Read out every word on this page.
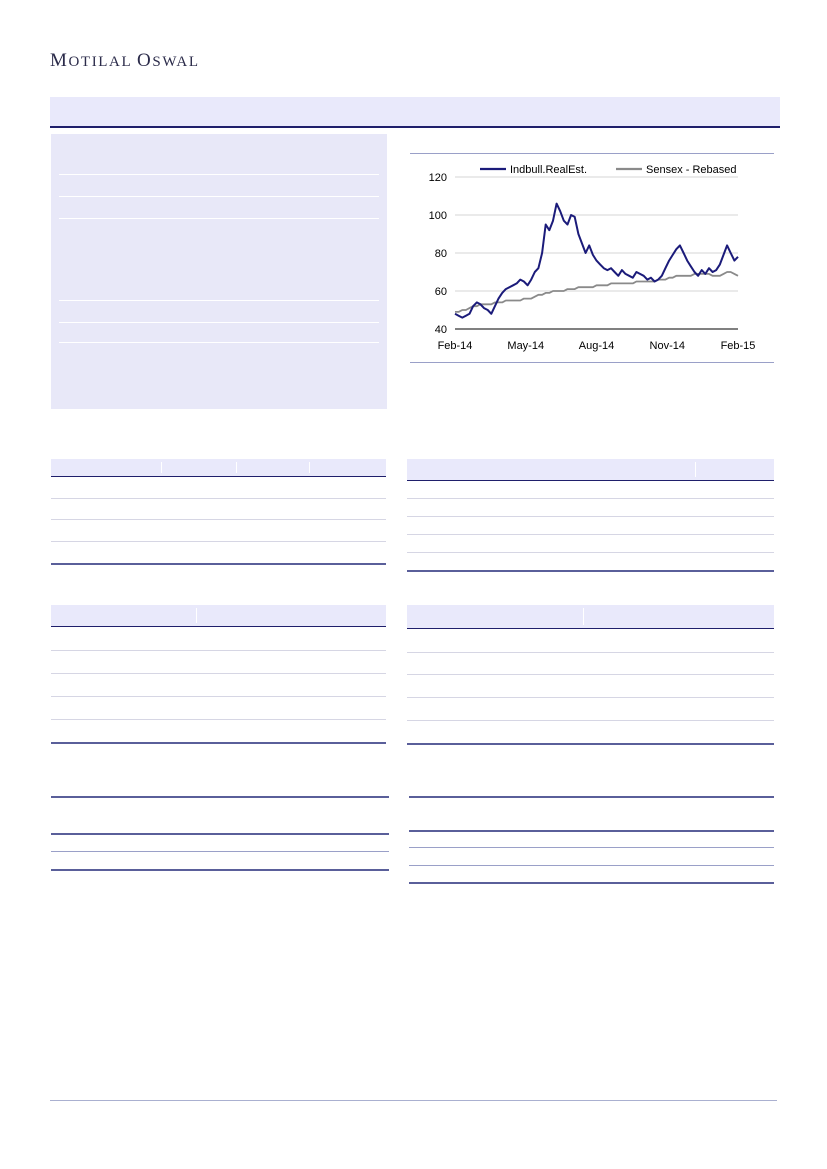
MOTILAL OSWAL
40
60
80
100
120
Feb-14	May-14	Aug-14	Nov-14	Feb-15
Indbull.RealEst.	Sensex - Rebased
